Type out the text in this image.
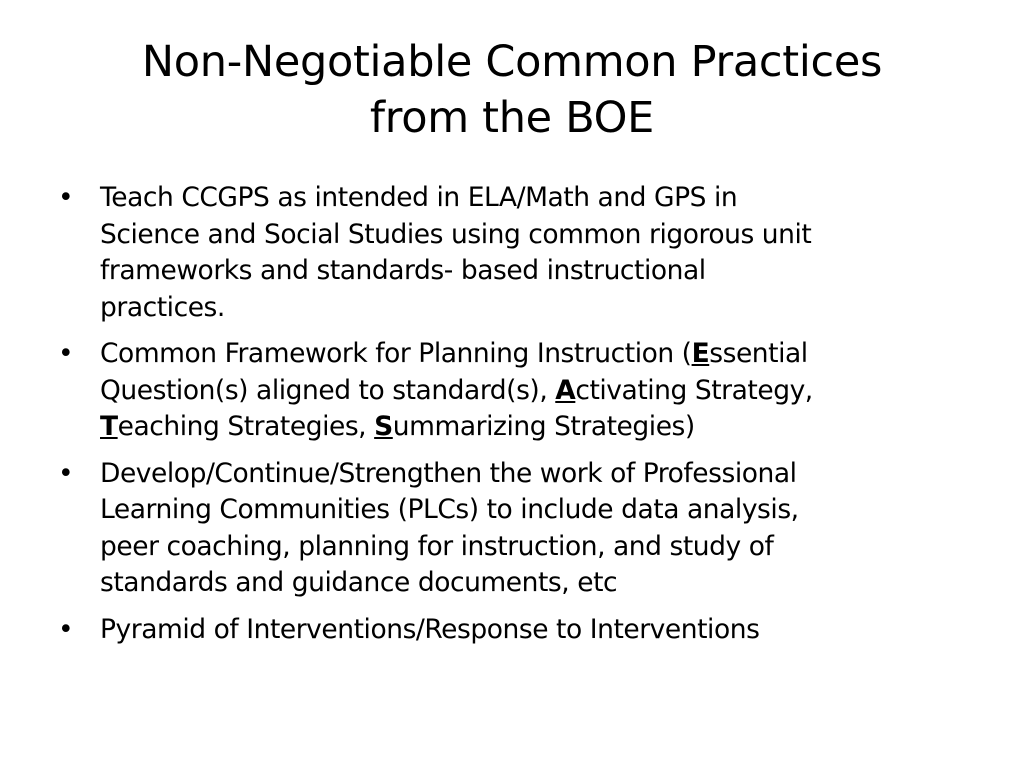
Non-Negotiable Common Practices
from the BOE
• Teach CCGPS as intended in ELA/Math and GPS in
Science and Social Studies using common rigorous unit
frameworks and standards- based instructional
practices.
• Common Framework for Planning Instruction (Essential
Question(s) aligned to standard(s), Activating Strategy,
Teaching Strategies, Summarizing Strategies)
• Develop/Continue/Strengthen the work of Professional
Learning Communities (PLCs) to include data analysis,
peer coaching, planning for instruction, and study of
standards and guidance documents, etc
• Pyramid of Interventions/Response to Interventions
